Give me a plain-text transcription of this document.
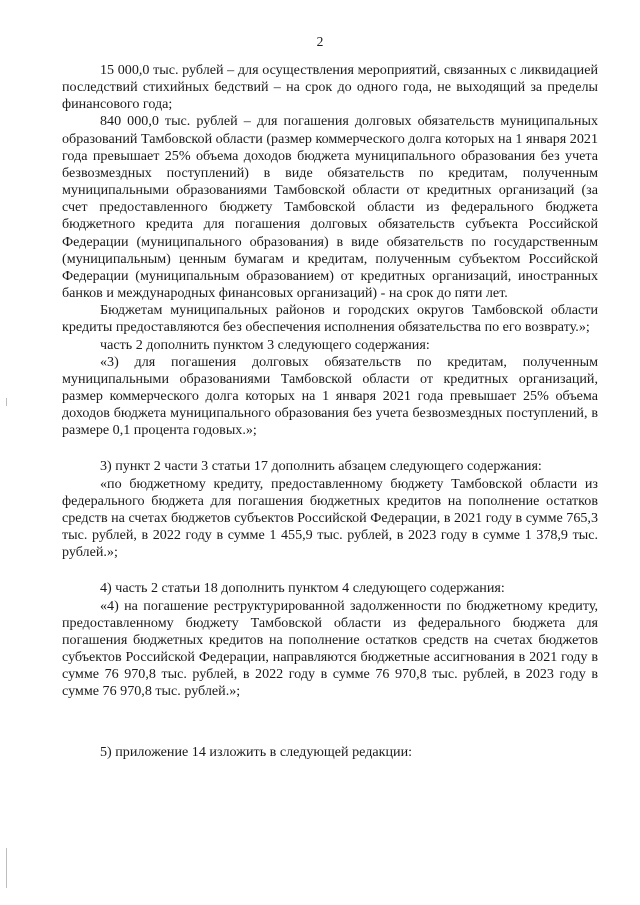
2

15 000,0 тыс. рублей – для осуществления мероприятий, связанных с ликвидацией последствий стихийных бедствий – на срок до одного года, не выходящий за пределы финансового года;

840 000,0 тыс. рублей – для погашения долговых обязательств муниципальных образований Тамбовской области (размер коммерческого долга которых на 1 января 2021 года превышает 25% объема доходов бюджета муниципального образования без учета безвозмездных поступлений) в виде обязательств по кредитам, полученным муниципальными образованиями Тамбовской области от кредитных организаций (за счет предоставленного бюджету Тамбовской области из федерального бюджета бюджетного кредита для погашения долговых обязательств субъекта Российской Федерации (муниципального образования) в виде обязательств по государственным (муниципальным) ценным бумагам и кредитам, полученным субъектом Российской Федерации (муниципальным образованием) от кредитных организаций, иностранных банков и международных финансовых организаций) - на срок до пяти лет.

Бюджетам муниципальных районов и городских округов Тамбовской области кредиты предоставляются без обеспечения исполнения обязательства по его возврату.»;

часть 2 дополнить пунктом 3 следующего содержания:

«3) для погашения долговых обязательств по кредитам, полученным муниципальными образованиями Тамбовской области от кредитных организаций, размер коммерческого долга которых на 1 января 2021 года превышает 25% объема доходов бюджета муниципального образования без учета безвозмездных поступлений, в размере 0,1 процента годовых.»;

3) пункт 2 части 3 статьи 17 дополнить абзацем следующего содержания:

«по бюджетному кредиту, предоставленному бюджету Тамбовской области из федерального бюджета для погашения бюджетных кредитов на пополнение остатков средств на счетах бюджетов субъектов Российской Федерации, в 2021 году в сумме 765,3 тыс. рублей, в 2022 году в сумме 1 455,9 тыс. рублей, в 2023 году в сумме 1 378,9 тыс. рублей.»;

4) часть 2 статьи 18 дополнить пунктом 4 следующего содержания:

«4) на погашение реструктурированной задолженности по бюджетному кредиту, предоставленному бюджету Тамбовской области из федерального бюджета для погашения бюджетных кредитов на пополнение остатков средств на счетах бюджетов субъектов Российской Федерации, направляются бюджетные ассигнования в 2021 году в сумме 76 970,8 тыс. рублей, в 2022 году в сумме 76 970,8 тыс. рублей, в 2023 году в сумме 76 970,8 тыс. рублей.»;

5) приложение 14 изложить в следующей редакции:
